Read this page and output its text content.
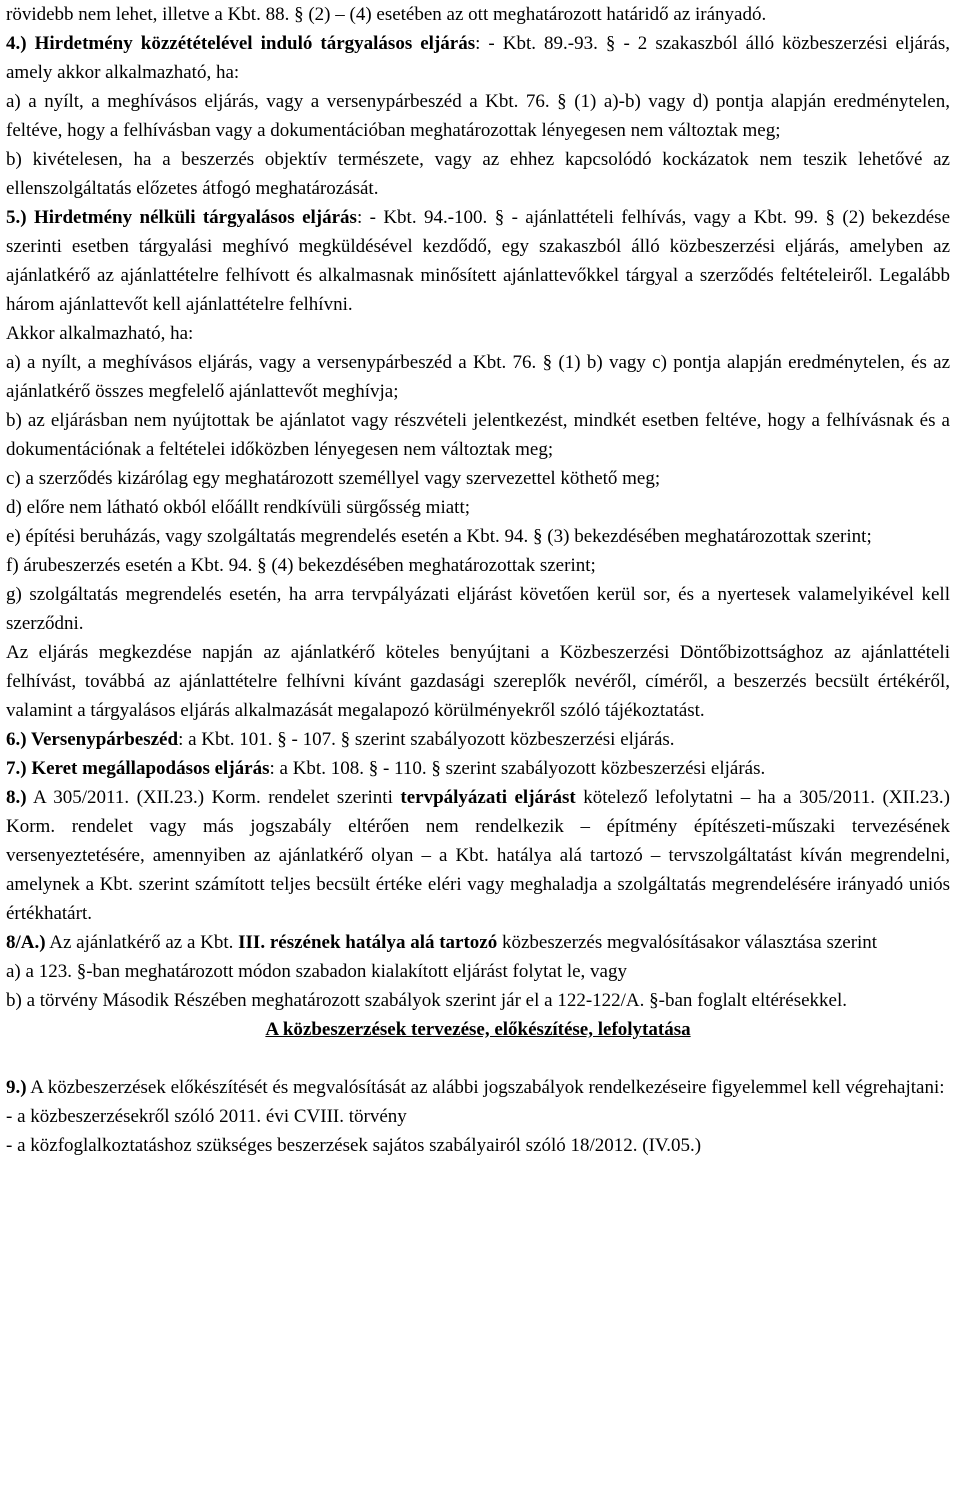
rövidebb nem lehet, illetve a Kbt. 88. § (2) – (4) esetében az ott meghatározott határidő az irányadó.

4.) Hirdetmény közzétételével induló tárgyalásos eljárás: - Kbt. 89.-93. § - 2 szakaszból álló közbeszerzési eljárás, amely akkor alkalmazható, ha:

a) a nyílt, a meghívásos eljárás, vagy a versenypárbeszéd a Kbt. 76. § (1) a)-b) vagy d) pontja alapján eredménytelen, feltéve, hogy a felhívásban vagy a dokumentációban meghatározottak lényegesen nem változtak meg;

b) kivételesen, ha a beszerzés objektív természete, vagy az ehhez kapcsolódó kockázatok nem teszik lehetővé az ellenszolgáltatás előzetes átfogó meghatározását.

5.) Hirdetmény nélküli tárgyalásos eljárás: - Kbt. 94.-100. § - ajánlattételi felhívás, vagy a Kbt. 99. § (2) bekezdése szerinti esetben tárgyalási meghívó megküldésével kezdődő, egy szakaszból álló közbeszerzési eljárás, amelyben az ajánlatkérő az ajánlattételre felhívott és alkalmasnak minősített ajánlattevőkkel tárgyal a szerződés feltételeiről. Legalább három ajánlattevőt kell ajánlattételre felhívni.

Akkor alkalmazható, ha:

a) a nyílt, a meghívásos eljárás, vagy a versenypárbeszéd a Kbt. 76. § (1) b) vagy c) pontja alapján eredménytelen, és az ajánlatkérő összes megfelelő ajánlattevőt meghívja;

b) az eljárásban nem nyújtottak be ajánlatot vagy részvételi jelentkezést, mindkét esetben feltéve, hogy a felhívásnak és a dokumentációnak a feltételei időközben lényegesen nem változtak meg;

c) a szerződés kizárólag egy meghatározott személlyel vagy szervezettel köthető meg;

d) előre nem látható okból előállt rendkívüli sürgősség miatt;

e) építési beruházás, vagy szolgáltatás megrendelés esetén a Kbt. 94. § (3) bekezdésében meghatározottak szerint;

f) árubeszerzés esetén a Kbt. 94. § (4) bekezdésében meghatározottak szerint;

g) szolgáltatás megrendelés esetén, ha arra tervpályázati eljárást követően kerül sor, és a nyertesek valamelyikével kell szerződni.

Az eljárás megkezdése napján az ajánlatkérő köteles benyújtani a Közbeszerzési Döntőbizottsághoz az ajánlattételi felhívást, továbbá az ajánlattételre felhívni kívánt gazdasági szereplők nevéről, címéről, a beszerzés becsült értékéről, valamint a tárgyalásos eljárás alkalmazását megalapozó körülményekről szóló tájékoztatást.

6.) Versenypárbeszéd: a Kbt. 101. § - 107. § szerint szabályozott közbeszerzési eljárás.

7.) Keret megállapodásos eljárás: a Kbt. 108. § - 110. § szerint szabályozott közbeszerzési eljárás.

8.) A 305/2011. (XII.23.) Korm. rendelet szerinti tervpályázati eljárást kötelező lefolytatni – ha a 305/2011. (XII.23.) Korm. rendelet vagy más jogszabály eltérően nem rendelkezik – építmény építészeti-műszaki tervezésének versenyeztetésére, amennyiben az ajánlatkérő olyan – a Kbt. hatálya alá tartozó – tervszolgáltatást kíván megrendelni, amelynek a Kbt. szerint számított teljes becsült értéke eléri vagy meghaladja a szolgáltatás megrendelésére irányadó uniós értékhatárt.

8/A.) Az ajánlatkérő az a Kbt. III. részének hatálya alá tartozó közbeszerzés megvalósításakor választása szerint

a) a 123. §-ban meghatározott módon szabadon kialakított eljárást folytat le, vagy

b) a törvény Második Részében meghatározott szabályok szerint jár el a 122-122/A. §-ban foglalt eltérésekkel.

A közbeszerzések tervezése, előkészítése, lefolytatása

9.) A közbeszerzések előkészítését és megvalósítását az alábbi jogszabályok rendelkezéseire figyelemmel kell végrehajtani:

- a közbeszerzésekről szóló 2011. évi CVIII. törvény

- a közfoglalkoztatáshoz szükséges beszerzések sajátos szabályairól szóló 18/2012. (IV.05.)
